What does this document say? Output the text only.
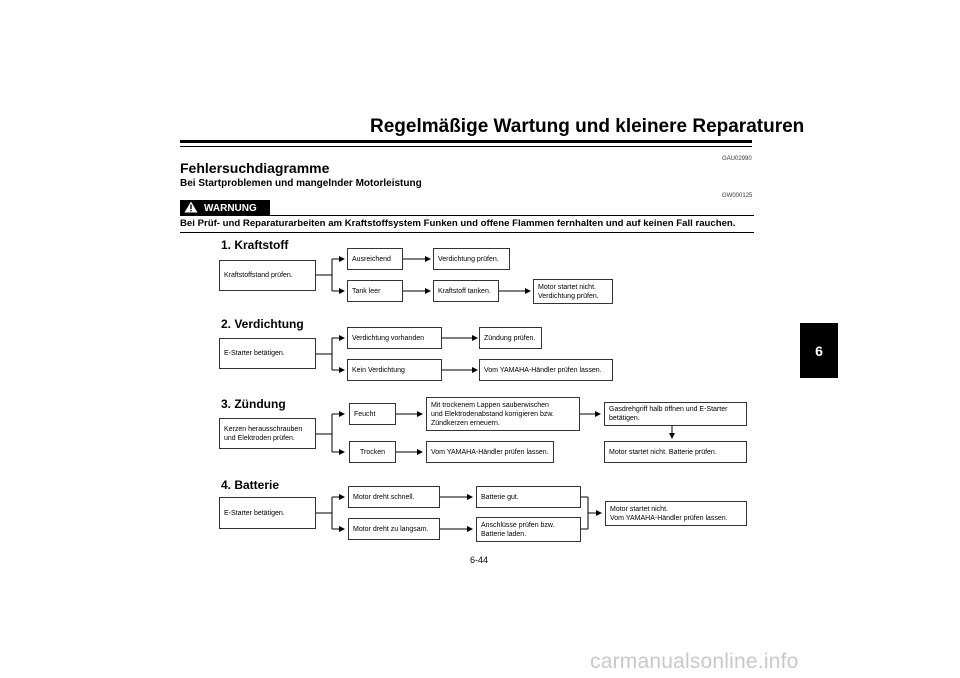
Regelmäßige Wartung und kleinere Reparaturen
GAU02990
Fehlersuchdiagramme
Bei Startproblemen und mangelnder Motorleistung
GW000125
WARNUNG
Bei Prüf- und Reparaturarbeiten am Kraftstoffsystem Funken und offene Flammen fernhalten und auf keinen Fall rauchen.
6
1. Kraftstoff
Kraftstoffstand prüfen.
Ausreichend	Verdichtung prüfen.
Tank leer	Kraftstoff tanken.
Motor startet nicht.
Verdichtung prüfen.
2. Verdichtung
E-Starter betätigen.
Verdichtung vorhanden	Zündung prüfen.
Kein Verdichtung	Vom YAMAHA-Händler prüfen lassen.
3. Zündung
Kerzen herausschrauben
und Elektroden prüfen.
Feucht
Mit trockenem Lappen sauberwischen
und Elektrodenabstand korrigieren bzw.
Zündkerzen erneuern.
Gasdrehgriff halb öffnen und E-Starter
betätigen.
Trocken	Vom YAMAHA-Händler prüfen lassen.	Motor startet nicht. Batterie prüfen.
4. Batterie
E-Starter betätigen.
Motor dreht schnell.	Batterie gut.
Motor dreht zu langsam.
Anschlüsse prüfen bzw.
Batterie laden.
Motor startet nicht.
Vom YAMAHA-Händler prüfen lassen.
6-44
carmanualsonline.info
